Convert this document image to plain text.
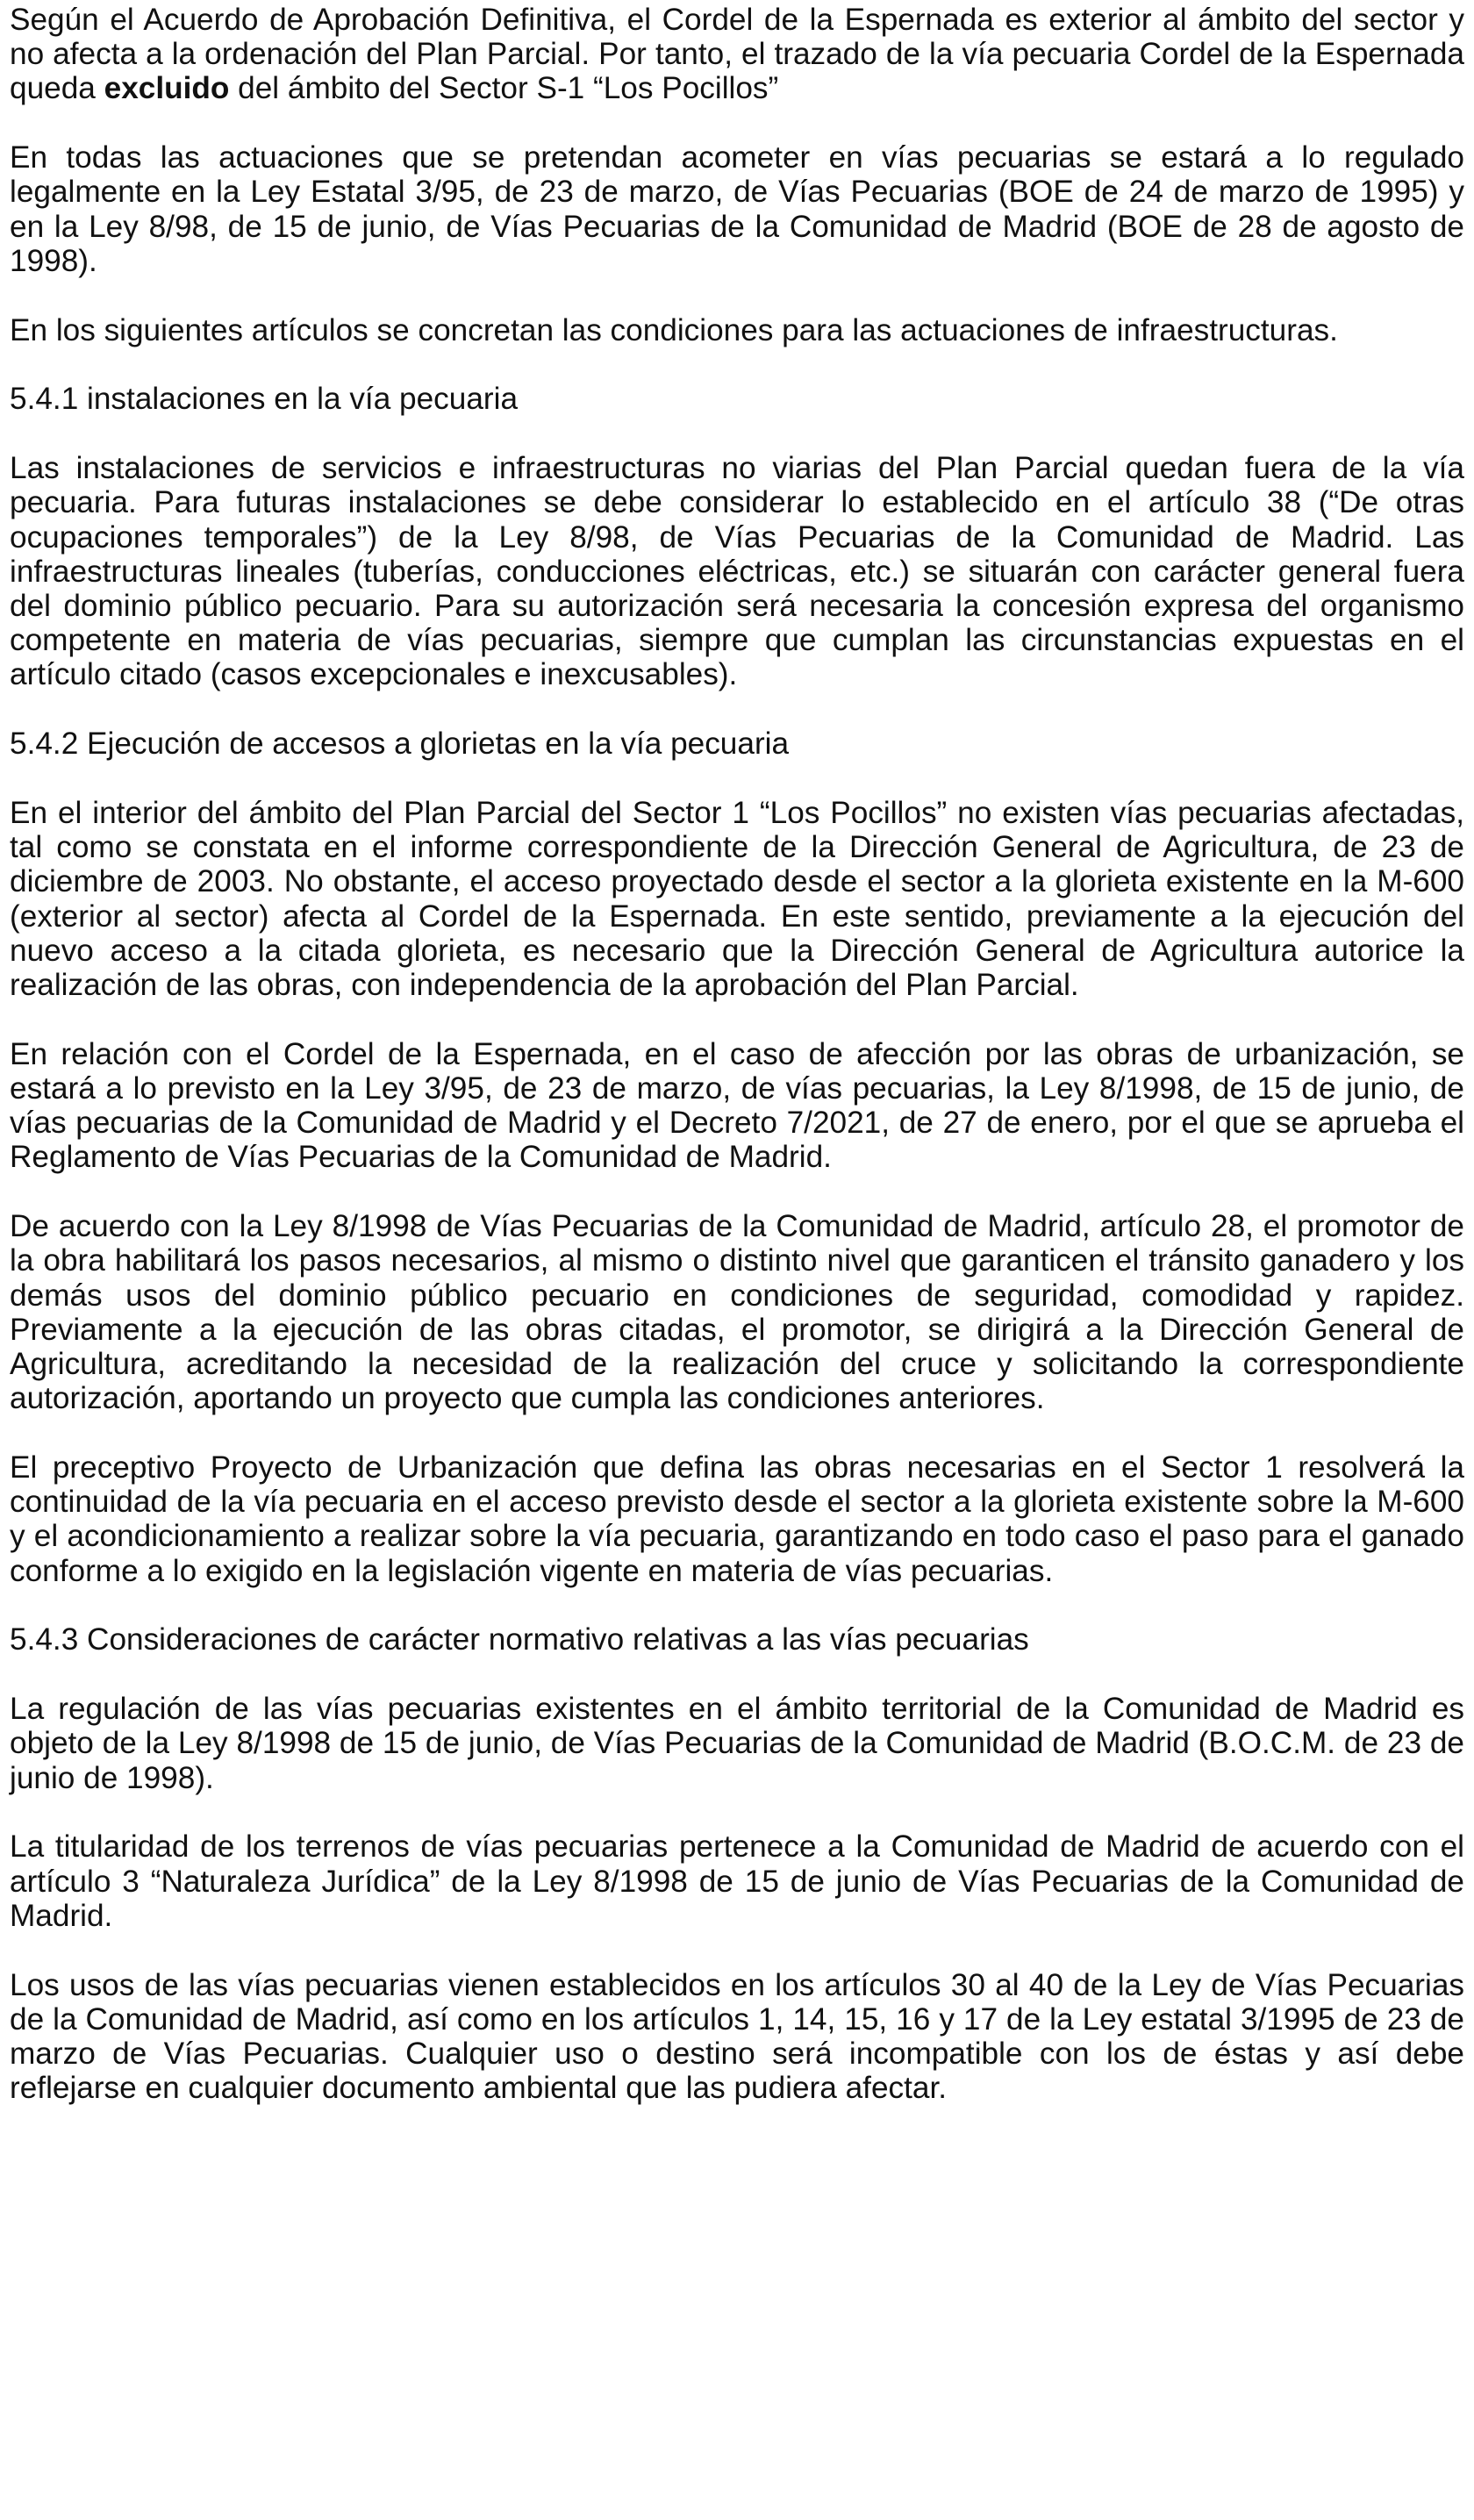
Según el Acuerdo de Aprobación Definitiva, el Cordel de la Espernada es exterior al ámbito del sector y no afecta a la ordenación del Plan Parcial. Por tanto, el trazado de la vía pecuaria Cordel de la Espernada queda excluido del ámbito del Sector S-1 “Los Pocillos”

En todas las actuaciones que se pretendan acometer en vías pecuarias se estará a lo regulado legalmente en la Ley Estatal 3/95, de 23 de marzo, de Vías Pecuarias (BOE de 24 de marzo de 1995) y en la Ley 8/98, de 15 de junio, de Vías Pecuarias de la Comunidad de Madrid (BOE de 28 de agosto de 1998).

En los siguientes artículos se concretan las condiciones para las actuaciones de infraestructuras.

5.4.1 instalaciones en la vía pecuaria

Las instalaciones de servicios e infraestructuras no viarias del Plan Parcial quedan fuera de la vía pecuaria. Para futuras instalaciones se debe considerar lo establecido en el artículo 38 (“De otras ocupaciones temporales”) de la Ley 8/98, de Vías Pecuarias de la Comunidad de Madrid. Las infraestructuras lineales (tuberías, conducciones eléctricas, etc.) se situarán con carácter general fuera del dominio público pecuario. Para su autorización será necesaria la concesión expresa del organismo competente en materia de vías pecuarias, siempre que cumplan las circunstancias expuestas en el artículo citado (casos excepcionales e inexcusables).

5.4.2 Ejecución de accesos a glorietas en la vía pecuaria

En el interior del ámbito del Plan Parcial del Sector 1 “Los Pocillos” no existen vías pecuarias afectadas, tal como se constata en el informe correspondiente de la Dirección General de Agricultura, de 23 de diciembre de 2003. No obstante, el acceso proyectado desde el sector a la glorieta existente en la M-600 (exterior al sector) afecta al Cordel de la Espernada. En este sentido, previamente a la ejecución del nuevo acceso a la citada glorieta, es necesario que la Dirección General de Agricultura autorice la realización de las obras, con independencia de la aprobación del Plan Parcial.

En relación con el Cordel de la Espernada, en el caso de afección por las obras de urbanización, se estará a lo previsto en la Ley 3/95, de 23 de marzo, de vías pecuarias, la Ley 8/1998, de 15 de junio, de vías pecuarias de la Comunidad de Madrid y el Decreto 7/2021, de 27 de enero, por el que se aprueba el Reglamento de Vías Pecuarias de la Comunidad de Madrid.

De acuerdo con la Ley 8/1998 de Vías Pecuarias de la Comunidad de Madrid, artículo 28, el promotor de la obra habilitará los pasos necesarios, al mismo o distinto nivel que garanticen el tránsito ganadero y los demás usos del dominio público pecuario en condiciones de seguridad, comodidad y rapidez. Previamente a la ejecución de las obras citadas, el promotor, se dirigirá a la Dirección General de Agricultura, acreditando la necesidad de la realización del cruce y solicitando la correspondiente autorización, aportando un proyecto que cumpla las condiciones anteriores.

El preceptivo Proyecto de Urbanización que defina las obras necesarias en el Sector 1 resolverá la continuidad de la vía pecuaria en el acceso previsto desde el sector a la glorieta existente sobre la M-600 y el acondicionamiento a realizar sobre la vía pecuaria, garantizando en todo caso el paso para el ganado conforme a lo exigido en la legislación vigente en materia de vías pecuarias.

5.4.3 Consideraciones de carácter normativo relativas a las vías pecuarias

La regulación de las vías pecuarias existentes en el ámbito territorial de la Comunidad de Madrid es objeto de la Ley 8/1998 de 15 de junio, de Vías Pecuarias de la Comunidad de Madrid (B.O.C.M. de 23 de junio de 1998).

La titularidad de los terrenos de vías pecuarias pertenece a la Comunidad de Madrid de acuerdo con el artículo 3 “Naturaleza Jurídica” de la Ley 8/1998 de 15 de junio de Vías Pecuarias de la Comunidad de Madrid.

Los usos de las vías pecuarias vienen establecidos en los artículos 30 al 40 de la Ley de Vías Pecuarias de la Comunidad de Madrid, así como en los artículos 1, 14, 15, 16 y 17 de la Ley estatal 3/1995 de 23 de marzo de Vías Pecuarias. Cualquier uso o destino será incompatible con los de éstas y así debe reflejarse en cualquier documento ambiental que las pudiera afectar.
